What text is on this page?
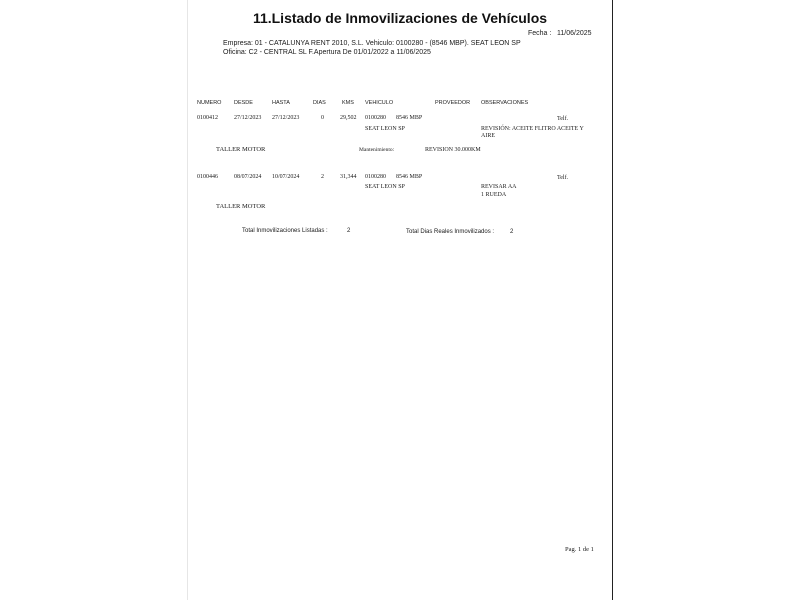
11.Listado de Inmovilizaciones de Vehículos
Fecha : 11/06/2025
Empresa: 01 - CATALUNYA RENT 2010, S.L. Vehiculo: 0100280 - (8546 MBP). SEAT LEON SP
Oficina: C2 - CENTRAL SL F.Apertura De 01/01/2022 a 11/06/2025
NUMERO DESDE	HASTA	DIAS	KMS VEHICULO	PROVEEDOR OBSERVACIONES
0100412	27/12/2023 27/12/2023	0	29,502 0100280 8546 MBP	Telf.
SEAT LEON SP	REVISIÓN: ACEITE FLITRO ACEITE Y
AIRE
TALLER MOTOR	Mantenimiento:	REVISION 30.000KM
0100446	08/07/2024 10/07/2024	2	31,344 0100280 8546 MBP	Telf.
SEAT LEON SP	REVISAR AA
1 RUEDA
TALLER MOTOR
Total Inmovilizaciones Listadas :	2	Total Dias Reales Inmovilizados :	2
Pag. 1 de 1
